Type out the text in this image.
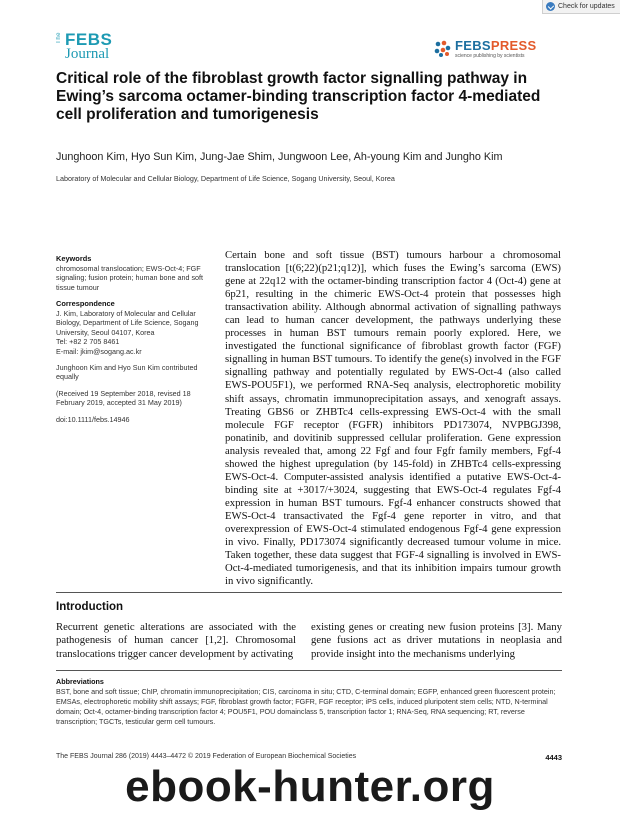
Check for updates
The FEBS
Journal
FEBSPRESS
science publishing by scientists
Critical role of the fibroblast growth factor signalling pathway in Ewing’s sarcoma octamer-binding transcription factor 4-mediated cell proliferation and tumorigenesis
Junghoon Kim, Hyo Sun Kim, Jung-Jae Shim, Jungwoon Lee, Ah-young Kim and Jungho Kim
Laboratory of Molecular and Cellular Biology, Department of Life Science, Sogang University, Seoul, Korea
Keywords
chromosomal translocation; EWS-Oct-4; FGF signaling; fusion protein; human bone and soft tissue tumour
Correspondence
J. Kim, Laboratory of Molecular and Cellular Biology, Department of Life Science, Sogang University, Seoul 04107, Korea
Tel: +82 2 705 8461
E-mail: jkim@sogang.ac.kr
Junghoon Kim and Hyo Sun Kim contributed equally
(Received 19 September 2018, revised 18 February 2019, accepted 31 May 2019)
doi:10.1111/febs.14946

Certain bone and soft tissue (BST) tumours harbour a chromosomal translocation [t(6;22)(p21;q12)], which fuses the Ewing’s sarcoma (EWS) gene at 22q12 with the octamer-binding transcription factor 4 (Oct-4) gene at 6p21, resulting in the chimeric EWS-Oct-4 protein that possesses high transactivation ability. Although abnormal activation of signalling pathways can lead to human cancer development, the pathways underlying these processes in human BST tumours remain poorly explored. Here, we investigated the functional significance of fibroblast growth factor (FGF) signalling in human BST tumours. To identify the gene(s) involved in the FGF signalling pathway and potentially regulated by EWS-Oct-4 (also called EWS-POU5F1), we performed RNA-Seq analysis, electrophoretic mobility shift assays, chromatin immunoprecipitation assays, and xenograft assays. Treating GBS6 or ZHBTc4 cells-expressing EWS-Oct-4 with the small molecule FGF receptor (FGFR) inhibitors PD173074, NVPBGJ398, ponatinib, and dovitinib suppressed cellular proliferation. Gene expression analysis revealed that, among 22 Fgf and four Fgfr family members, Fgf-4 showed the highest upregulation (by 145-fold) in ZHBTc4 cells-expressing EWS-Oct-4. Computer-assisted analysis identified a putative EWS-Oct-4-binding site at +3017/+3024, suggesting that EWS-Oct-4 regulates Fgf-4 expression in human BST tumours. Fgf-4 enhancer constructs showed that EWS-Oct-4 transactivated the Fgf-4 gene reporter in vitro, and that overexpression of EWS-Oct-4 stimulated endogenous Fgf-4 gene expression in vivo. Finally, PD173074 significantly decreased tumour volume in mice. Taken together, these data suggest that FGF-4 signalling is involved in EWS-Oct-4-mediated tumorigenesis, and that its inhibition impairs tumour growth in vivo significantly.

Introduction

Recurrent genetic alterations are associated with the pathogenesis of human cancer [1,2]. Chromosomal translocations trigger cancer development by activating

existing genes or creating new fusion proteins [3]. Many gene fusions act as driver mutations in neoplasia and provide insight into the mechanisms underlying

Abbreviations
BST, bone and soft tissue; ChIP, chromatin immunoprecipitation; CIS, carcinoma in situ; CTD, C-terminal domain; EGFP, enhanced green fluorescent protein; EMSAs, electrophoretic mobility shift assays; FGF, fibroblast growth factor; FGFR, FGF receptor; iPS cells, induced pluripotent stem cells; NTD, N-terminal domain; Oct-4, octamer-binding transcription factor 4; POU5F1, POU domainclass 5, transcription factor 1; RNA-Seq, RNA sequencing; RT, reverse transcription; TGCTs, testicular germ cell tumours.
The FEBS Journal 286 (2019) 4443–4472 © 2019 Federation of European Biochemical Societies	4443
ebook-hunter.org
